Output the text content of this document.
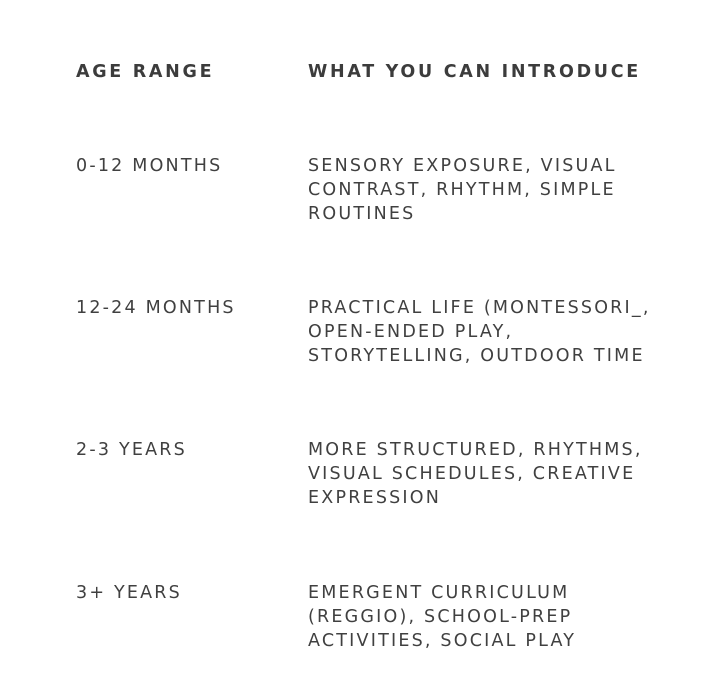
AGE RANGE	WHAT YOU CAN INTRODUCE
0-12 MONTHS	SENSORY EXPOSURE, VISUAL CONTRAST, RHYTHM, SIMPLE ROUTINES
12-24 MONTHS	PRACTICAL LIFE (MONTESSORI_, OPEN-ENDED PLAY, STORYTELLING, OUTDOOR TIME
2-3 YEARS	MORE STRUCTURED, RHYTHMS, VISUAL SCHEDULES, CREATIVE EXPRESSION
3+ YEARS	EMERGENT CURRICULUM (REGGIO), SCHOOL-PREP ACTIVITIES, SOCIAL PLAY
